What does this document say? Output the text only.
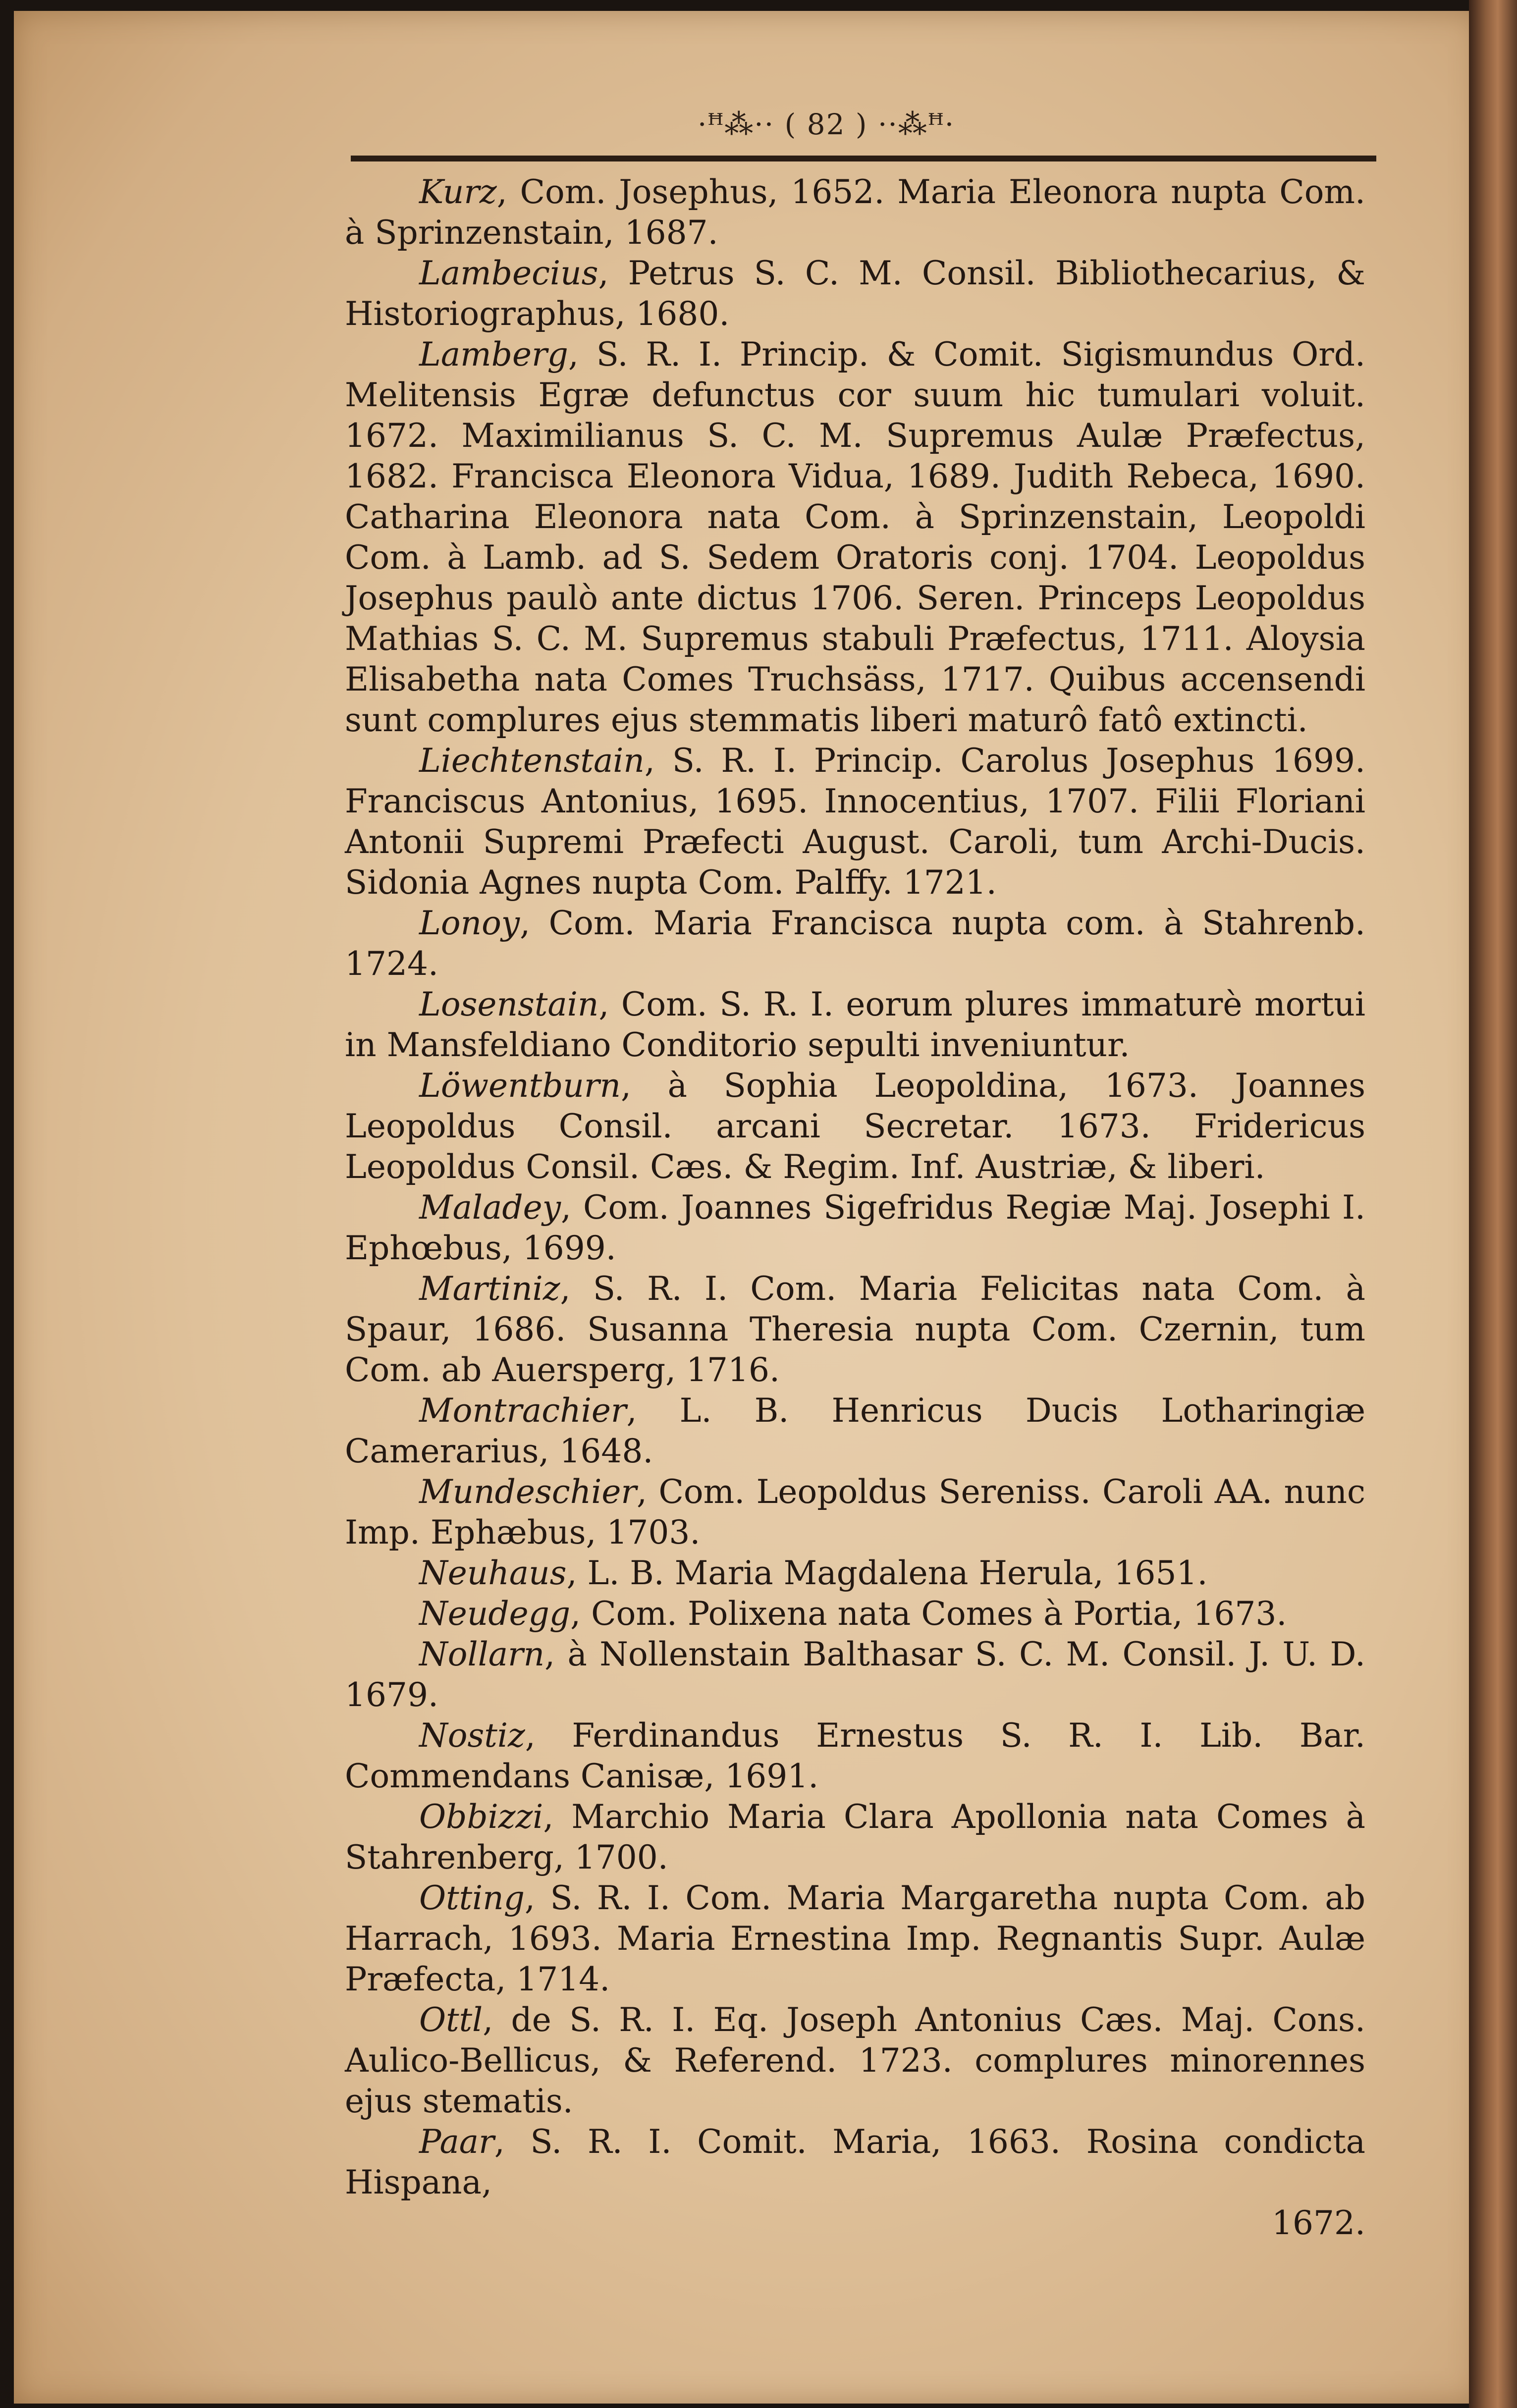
·ꟸ⁂·· ( 82 ) ··⁂ꟸ·

Kurz, Com. Josephus, 1652. Maria Eleonora nupta Com. à Sprinzenstain, 1687.

Lambecius, Petrus S. C. M. Consil. Bibliothecarius, & Historiographus, 1680.

Lamberg, S. R. I. Princip. & Comit. Sigismundus Ord. Melitensis Egræ defunctus cor suum hic tumulari voluit. 1672. Maximilianus S. C. M. Supremus Aulæ Præfectus, 1682. Francisca Eleonora Vidua, 1689. Judith Rebeca, 1690. Catharina Eleonora nata Com. à Sprinzenstain, Leopoldi Com. à Lamb. ad S. Sedem Oratoris conj. 1704. Leopoldus Josephus paulò ante dictus 1706. Seren. Princeps Leopoldus Mathias S. C. M. Supremus stabuli Præfectus, 1711. Aloysia Elisabetha nata Comes Truchsäss, 1717. Quibus accensendi sunt complures ejus stemmatis liberi maturô fatô extincti.

Liechtenstain, S. R. I. Princip. Carolus Josephus 1699. Franciscus Antonius, 1695. Innocentius, 1707. Filii Floriani Antonii Supremi Præfecti August. Caroli, tum Archi-Ducis. Sidonia Agnes nupta Com. Palffy. 1721.

Lonoy, Com. Maria Francisca nupta com. à Stahrenb. 1724.

Losenstain, Com. S. R. I. eorum plures immaturè mortui in Mansfeldiano Conditorio sepulti inveniuntur.

Löwentburn, à Sophia Leopoldina, 1673. Joannes Leopoldus Consil. arcani Secretar. 1673. Fridericus Leopoldus Consil. Cæs. & Regim. Inf. Austriæ, & liberi.

Maladey, Com. Joannes Sigefridus Regiæ Maj. Josephi I. Ephœbus, 1699.

Martiniz, S. R. I. Com. Maria Felicitas nata Com. à Spaur, 1686. Susanna Theresia nupta Com. Czernin, tum Com. ab Auersperg, 1716.

Montrachier, L. B. Henricus Ducis Lotharingiæ Camerarius, 1648.

Mundeschier, Com. Leopoldus Sereniss. Caroli AA. nunc Imp. Ephæbus, 1703.

Neuhaus, L. B. Maria Magdalena Herula, 1651.

Neudegg, Com. Polixena nata Comes à Portia, 1673.

Nollarn, à Nollenstain Balthasar S. C. M. Consil. J. U. D. 1679.

Nostiz, Ferdinandus Ernestus S. R. I. Lib. Bar. Commendans Canisæ, 1691.

Obbizzi, Marchio Maria Clara Apollonia nata Comes à Stahrenberg, 1700.

Otting, S. R. I. Com. Maria Margaretha nupta Com. ab Harrach, 1693. Maria Ernestina Imp. Regnantis Supr. Aulæ Præfecta, 1714.

Ottl, de S. R. I. Eq. Joseph Antonius Cæs. Maj. Cons. Aulico-Bellicus, & Referend. 1723. complures minorennes ejus stematis.

Paar, S. R. I. Comit. Maria, 1663. Rosina condicta Hispana,

1672.
